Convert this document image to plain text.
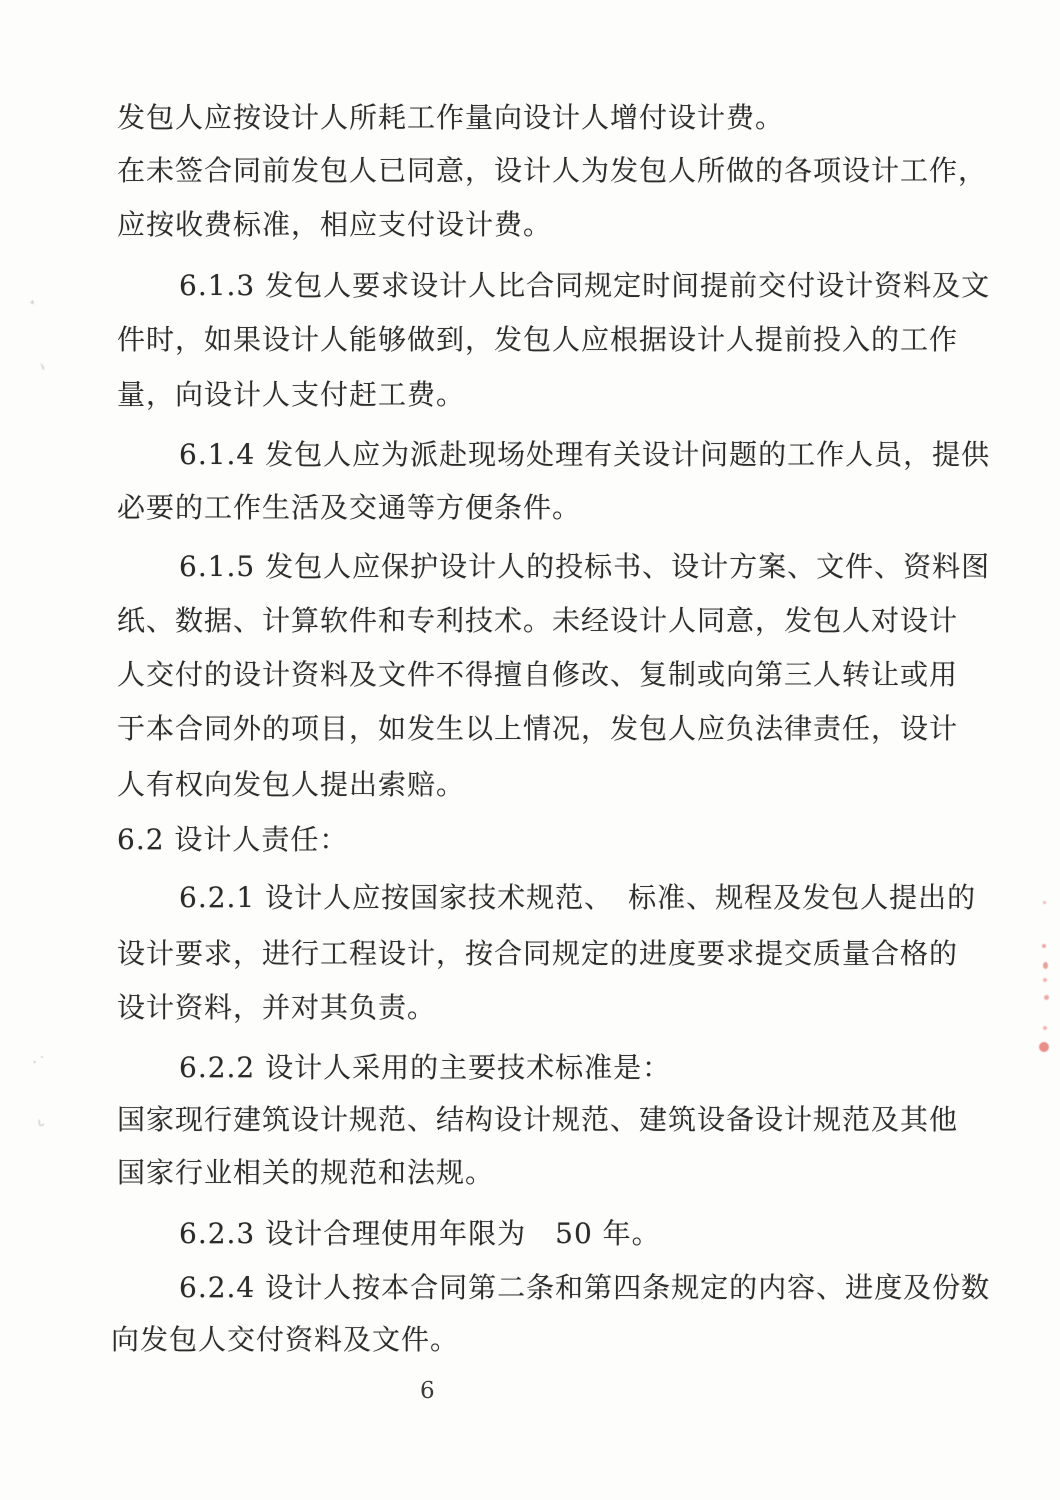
发包人应按设计人所耗工作量向设计人增付设计费。
在未签合同前发包人已同意，设计人为发包人所做的各项设计工作，
应按收费标准，相应支付设计费。
6.1.3 发包人要求设计人比合同规定时间提前交付设计资料及文
件时，如果设计人能够做到，发包人应根据设计人提前投入的工作
量，向设计人支付赶工费。
6.1.4 发包人应为派赴现场处理有关设计问题的工作人员，提供
必要的工作生活及交通等方便条件。
6.1.5 发包人应保护设计人的投标书、设计方案、文件、资料图
纸、数据、计算软件和专利技术。未经设计人同意，发包人对设计
人交付的设计资料及文件不得擅自修改、复制或向第三人转让或用
于本合同外的项目，如发生以上情况，发包人应负法律责任，设计
人有权向发包人提出索赔。
6.2 设计人责任：
6.2.1 设计人应按国家技术规范、　标准、规程及发包人提出的
设计要求，进行工程设计，按合同规定的进度要求提交质量合格的
设计资料，并对其负责。
6.2.2 设计人采用的主要技术标准是：
国家现行建筑设计规范、结构设计规范、建筑设备设计规范及其他
国家行业相关的规范和法规。
6.2.3 设计合理使用年限为　50 年。
6.2.4 设计人按本合同第二条和第四条规定的内容、进度及份数
向发包人交付资料及文件。
6
·̵
ヽ
·˙
ᒡ
